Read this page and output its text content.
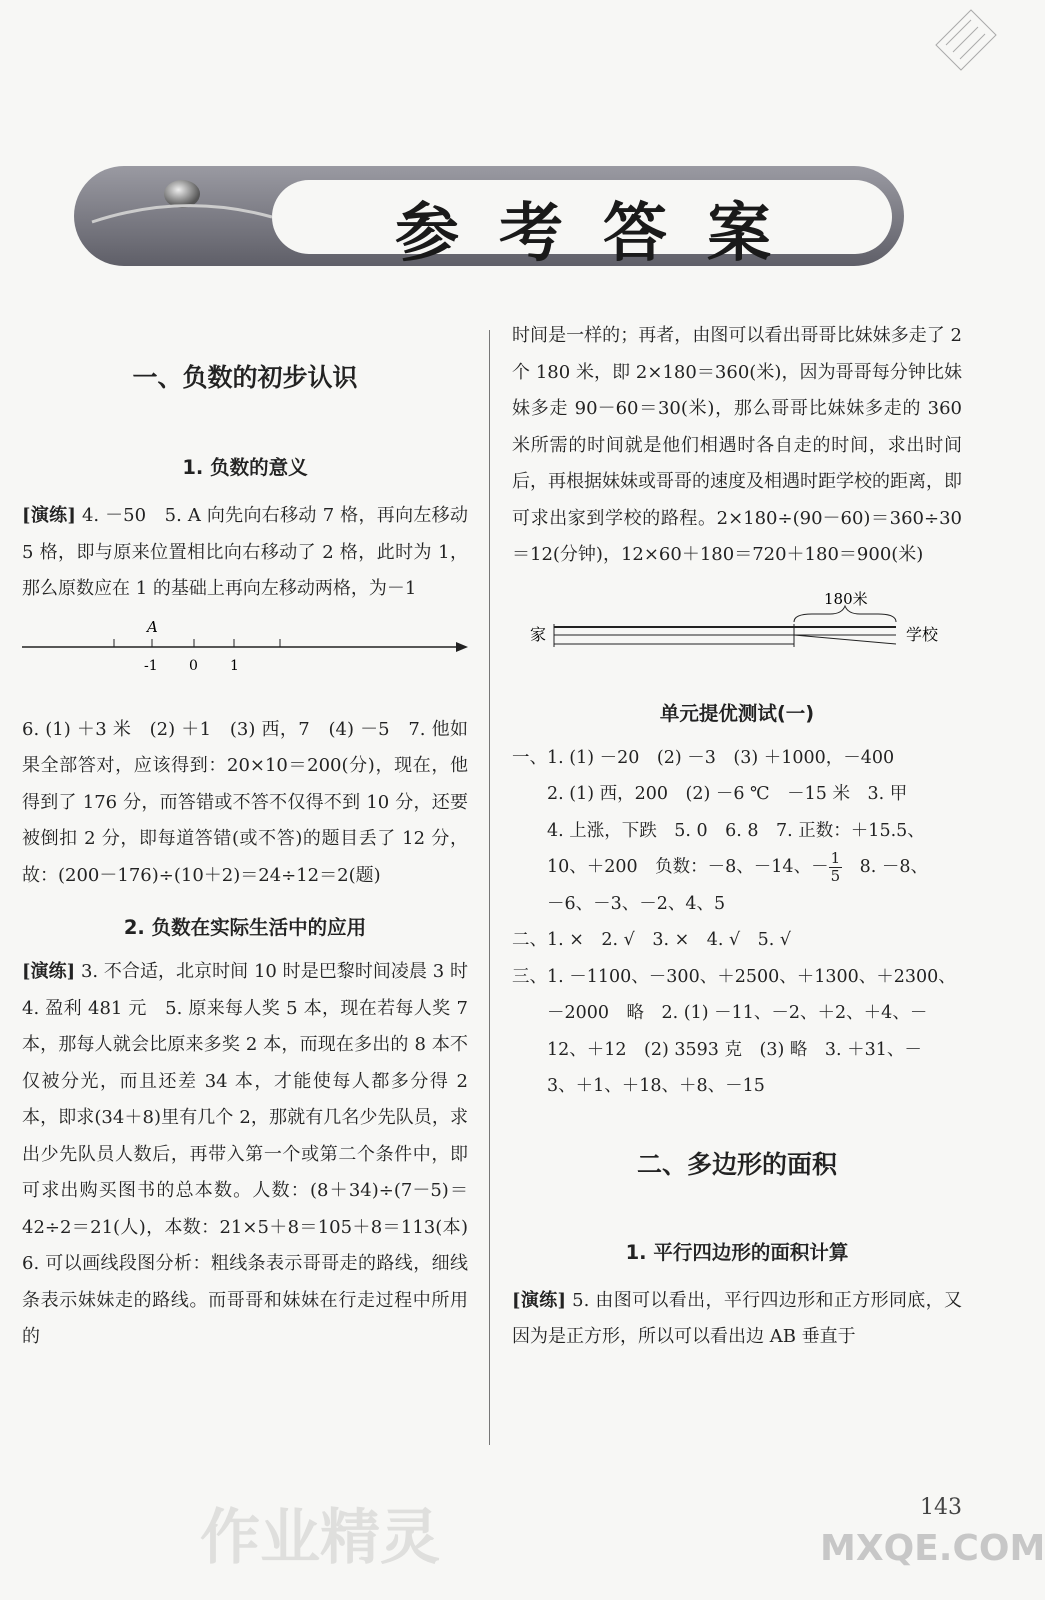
参考答案

一、负数的初步认识

1. 负数的意义

[演练] 4. －50　5. A 向先向右移动 7 格，再向左移动 5 格，即与原来位置相比向右移动了 2 格，此时为 1，那么原数应在 1 的基础上再向左移动两格，为－1

A
-1 0 1

6. (1) ＋3 米　(2) ＋1　(3) 西，7　(4) －5　7. 他如果全部答对，应该得到：20×10＝200(分)，现在，他得到了 176 分，而答错或不答不仅得不到 10 分，还要被倒扣 2 分，即每道答错(或不答)的题目丢了 12 分，故：(200－176)÷(10＋2)＝24÷12＝2(题)

2. 负数在实际生活中的应用

[演练] 3. 不合适，北京时间 10 时是巴黎时间凌晨 3 时　4. 盈利 481 元　5. 原来每人奖 5 本，现在若每人奖 7 本，那每人就会比原来多奖 2 本，而现在多出的 8 本不仅被分光，而且还差 34 本，才能使每人都多分得 2 本，即求(34＋8)里有几个 2，那就有几名少先队员，求出少先队员人数后，再带入第一个或第二个条件中，即可求出购买图书的总本数。人数：(8＋34)÷(7－5)＝42÷2＝21(人)，本数：21×5＋8＝105＋8＝113(本)　6. 可以画线段图分析：粗线条表示哥哥走的路线，细线条表示妹妹走的路线。而哥哥和妹妹在行走过程中所用的

时间是一样的；再者，由图可以看出哥哥比妹妹多走了 2 个 180 米，即 2×180＝360(米)，因为哥哥每分钟比妹妹多走 90－60＝30(米)，那么哥哥比妹妹多走的 360 米所需的时间就是他们相遇时各自走的时间，求出时间后，再根据妹妹或哥哥的速度及相遇时距学校的距离，即可求出家到学校的路程。2×180÷(90－60)＝360÷30＝12(分钟)，12×60＋180＝720＋180＝900(米)

180米
家	学校

单元提优测试(一)

一、1. (1) －20　(2) －3　(3) ＋1000，－400

　　2. (1) 西，200　(2) －6 ℃　－15 米　3. 甲

　　4. 上涨，下跌　5. 0　6. 8　7. 正数：＋15.5、

　　10、＋200　负数：－8、－14、－ $\frac{1}{5}$ 　8. －8、

　　－6、－3、－2、4、5

二、1. ×　2. √　3. ×　4. √　5. √

三、1. －1100、－300、＋2500、＋1300、＋2300、

　　－2000　略　2. (1) －11、－2、＋2、＋4、－

　　12、＋12　(2) 3593 克　(3) 略　3. ＋31、－

　　3、＋1、＋18、＋8、－15

二、多边形的面积

1. 平行四边形的面积计算

[演练] 5. 由图可以看出，平行四边形和正方形同底，又因为是正方形，所以可以看出边 AB 垂直于

作业精灵	143
MXQE.COM
